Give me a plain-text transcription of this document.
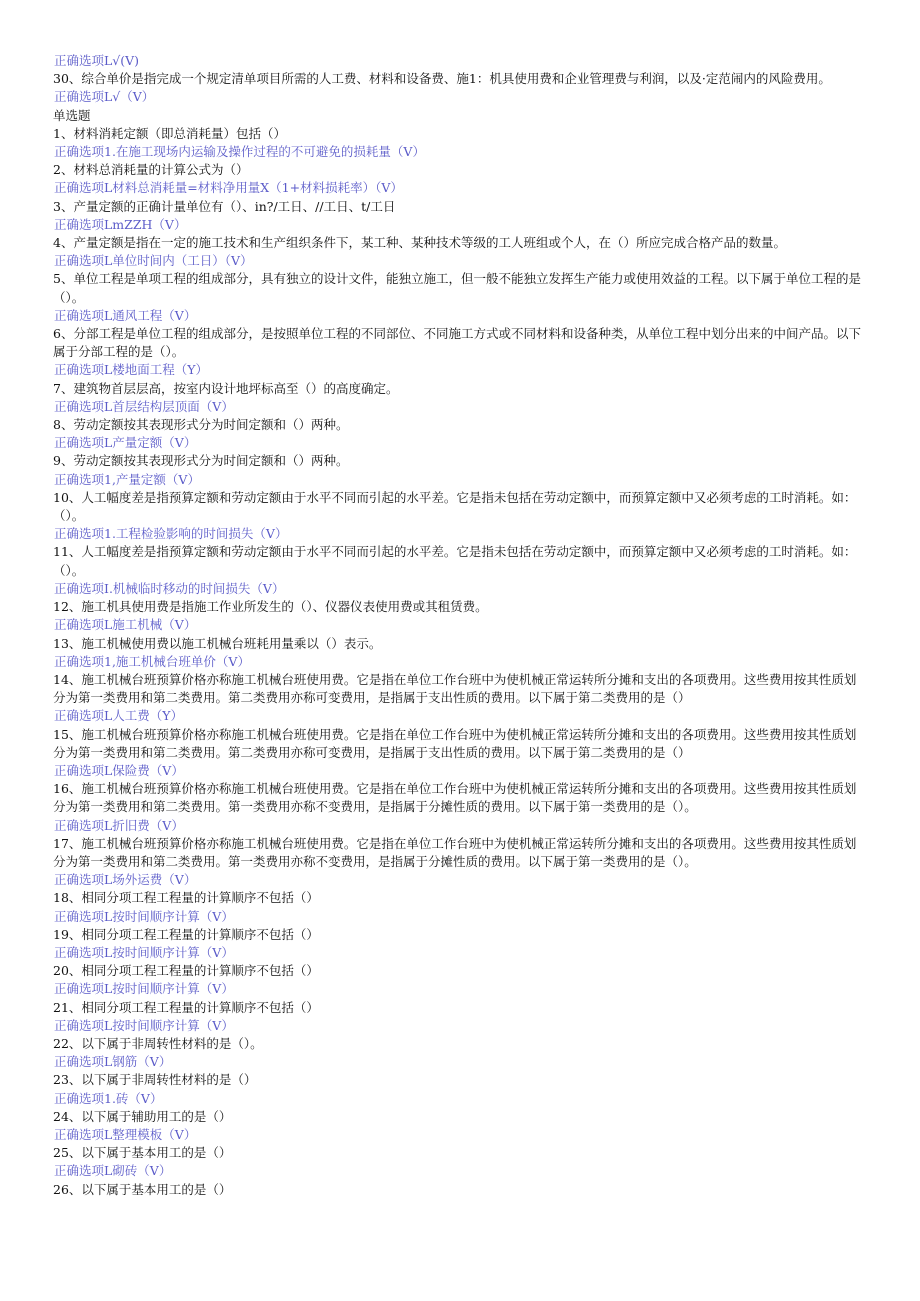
正确选项L√(V)
30、综合单价是指完成一个规定清单项目所需的人工费、材料和设备费、施1：机具使用费和企业管理费与利润，以及·定范闹内的风险费用。
正确选项L√（V）
单选题
1、材料消耗定额（即总消耗量）包括（）
正确选项1.在施工现场内运输及操作过程的不可避免的损耗量（V）
2、材料总消耗量的计算公式为（）
正确选项L材料总消耗量=材料净用量X（1+材料损耗率）（V）
3、产量定额的正确计量单位有（）、in?/工日、//工日、t/工日
正确选项LmZZH（V）
4、产量定额是指在一定的施工技术和生产组织条件下，某工种、某种技术等级的工人班组或个人，在（）所应完成合格产品的数量。
正确选项L单位时间内（工日）（V）
5、单位工程是单项工程的组成部分，具有独立的设计文件，能独立施工，但一般不能独立发挥生产能力或使用效益的工程。以下属于单位工程的是（）。
正确选项L通风工程（V）
6、分部工程是单位工程的组成部分，是按照单位工程的不同部位、不同施工方式或不同材料和设备种类，从单位工程中划分出来的中间产品。以下属于分部工程的是（）。
正确选项L楼地面工程（Y）
7、建筑物首层层高，按室内设计地坪标高至（）的高度确定。
正确选项L首层结构层顶面（V）
8、劳动定额按其表现形式分为时间定额和（）两种。
正确选项L产量定额（V）
9、劳动定额按其表现形式分为时间定额和（）两种。
正确选项1,产量定额（V）
10、人工幅度差是指预算定额和劳动定额由于水平不同而引起的水平差。它是指未包括在劳动定额中，而预算定额中又必须考虑的工时消耗。如：（）。
正确选项1.工程检验影响的时间损失（V）
11、人工幅度差是指预算定额和劳动定额由于水平不同而引起的水平差。它是指未包括在劳动定额中，而预算定额中又必须考虑的工时消耗。如：（）。
正确选项I.机械临时移动的时间损失（V）
12、施工机具使用费是指施工作业所发生的（）、仪器仪表使用费或其租赁费。
正确选项L施工机械（V）
13、施工机械使用费以施工机械台班耗用量乘以（）表示。
正确选项1,施工机械台班单价（V）
14、施工机械台班预算价格亦称施工机械台班使用费。它是指在单位工作台班中为使机械正常运转所分摊和支出的各项费用。这些费用按其性质划分为第一类费用和第二类费用。第二类费用亦称可变费用，是指属于支出性质的费用。以下属于第二类费用的是（）
正确选项L人工费（Y）
15、施工机械台班预算价格亦称施工机械台班使用费。它是指在单位工作台班中为使机械正常运转所分摊和支出的各项费用。这些费用按其性质划分为第一类费用和第二类费用。第二类费用亦称可变费用，是指属于支出性质的费用。以下属于第二类费用的是（）
正确选项L保险费（V）
16、施工机械台班预算价格亦称施工机械台班使用费。它是指在单位工作台班中为使机械正常运转所分摊和支出的各项费用。这些费用按其性质划分为第一类费用和第二类费用。第一类费用亦称不变费用，是指属于分摊性质的费用。以下属于第一类费用的是（）。
正确选项L折旧费（V）
17、施工机械台班预算价格亦称施工机械台班使用费。它是指在单位工作台班中为使机械正常运转所分摊和支出的各项费用。这些费用按其性质划分为第一类费用和第二类费用。第一类费用亦称不变费用，是指属于分摊性质的费用。以下属于第一类费用的是（）。
正确选项L场外运费（V）
18、相同分项工程工程量的计算顺序不包括（）
正确选项L按时间顺序计算（V）
19、相同分项工程工程量的计算顺序不包括（）
正确选项L按时间顺序计算（V）
20、相同分项工程工程量的计算顺序不包括（）
正确选项L按时间顺序计算（V）
21、相同分项工程工程量的计算顺序不包括（）
正确选项L按时间顺序计算（V）
22、以下属于非周转性材料的是（）。
正确选项L钢筋（V）
23、以下属于非周转性材料的是（）
正确选项1.砖（V）
24、以下属于辅助用工的是（）
正确选项L整理模板（V）
25、以下属于基本用工的是（）
正确选项L砌砖（V）
26、以下属于基本用工的是（）
